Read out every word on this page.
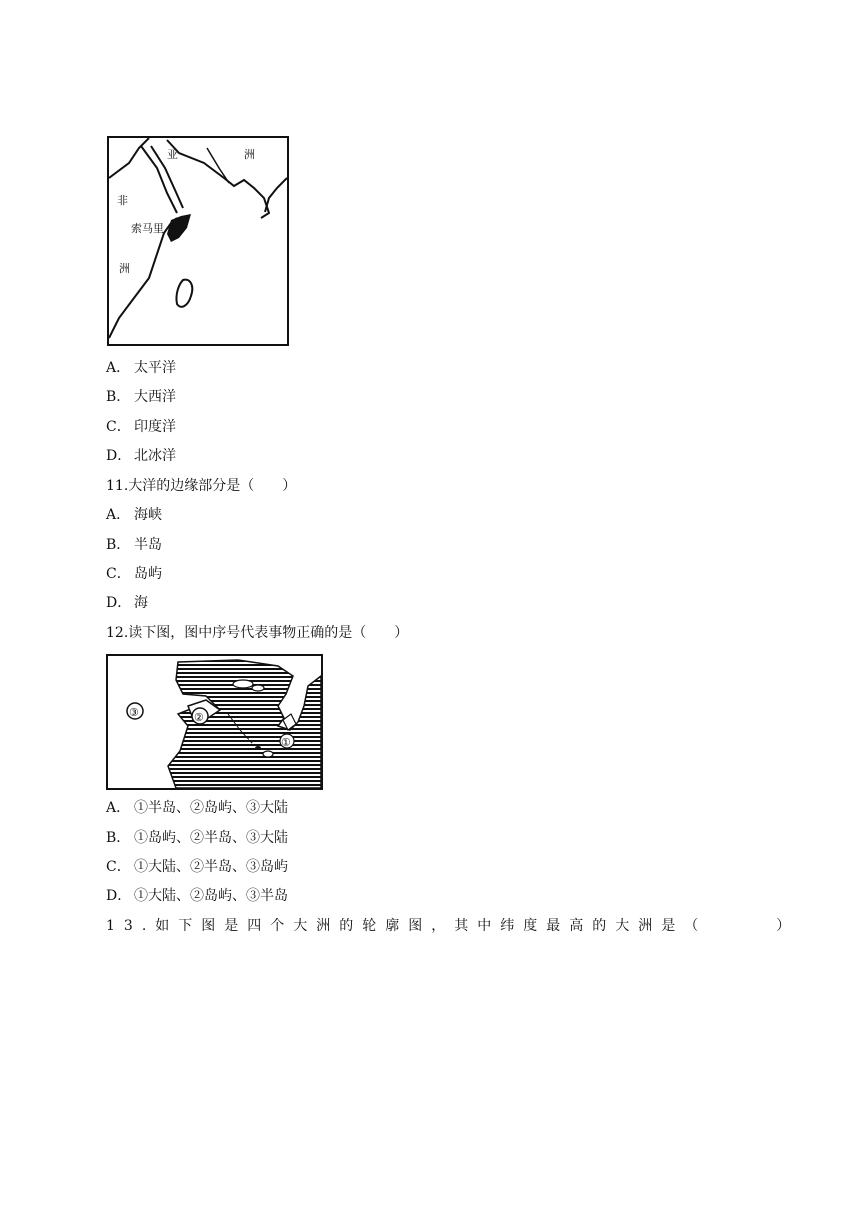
亚	洲
非
洲
索马里
A． 太平洋
B． 大西洋
C． 印度洋
D． 北冰洋
11.大洋的边缘部分是（　　）
A． 海峡
B． 半岛
C． 岛屿
D． 海
12.读下图，图中序号代表事物正确的是（　　）
③	②
①
A． ①半岛、②岛屿、③大陆
B． ①岛屿、②半岛、③大陆
C． ①大陆、②半岛、③岛屿
D． ①大陆、②岛屿、③半岛
13.如下图是四个大洲的轮廓图，其中纬度最高的大洲是（　　　）
